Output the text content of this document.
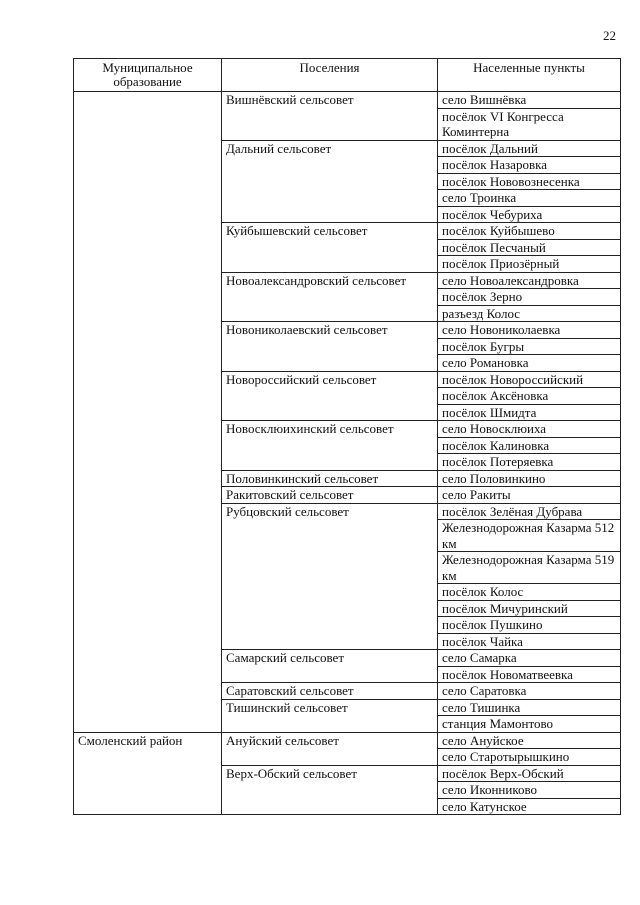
22
Муниципальное образование	Поселения	Населенные пункты
	Вишнёвский сельсовет	село Вишнёвка
		посёлок VI Конгресса Коминтерна
	Дальний сельсовет	посёлок Дальний
		посёлок Назаровка
		посёлок Нововознесенка
		село Троинка
		посёлок Чебуриха
	Куйбышевский сельсовет	посёлок Куйбышево
		посёлок Песчаный
		посёлок Приозёрный
	Новоалександровский сельсовет	село Новоалександровка
		посёлок Зерно
		разъезд Колос
	Новониколаевский сельсовет	село Новониколаевка
		посёлок Бугры
		село Романовка
	Новороссийский сельсовет	посёлок Новороссийский
		посёлок Аксёновка
		посёлок Шмидта
	Новосклюихинский сельсовет	село Новосклюиха
		посёлок Калиновка
		посёлок Потеряевка
	Половинкинский сельсовет	село Половинкино
	Ракитовский сельсовет	село Ракиты
	Рубцовский сельсовет	посёлок Зелёная Дубрава
		Железнодорожная Казарма 512 км
		Железнодорожная Казарма 519 км
		посёлок Колос
		посёлок Мичуринский
		посёлок Пушкино
		посёлок Чайка
	Самарский сельсовет	село Самарка
		посёлок Новоматвеевка
	Саратовский сельсовет	село Саратовка
	Тишинский сельсовет	село Тишинка
		станция Мамонтово
Смоленский район	Ануйский сельсовет	село Ануйское
		село Старотырышкино
	Верх-Обский сельсовет	посёлок Верх-Обский
		село Иконниково
		село Катунское
